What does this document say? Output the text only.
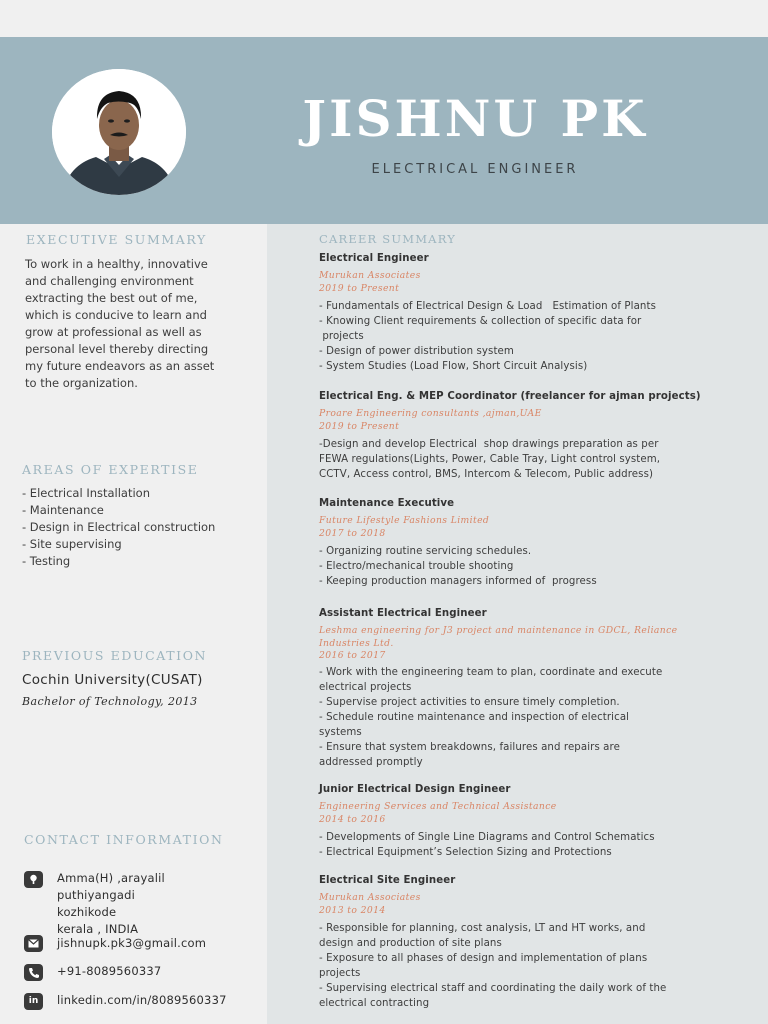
JISHNU PK
ELECTRICAL ENGINEER
EXECUTIVE SUMMARY
To work in a healthy, innovative
and challenging environment
extracting the best out of me,
which is conducive to learn and
grow at professional as well as
personal level thereby directing
my future endeavors as an asset
to the organization.
AREAS OF EXPERTISE
- Electrical Installation
- Maintenance
- Design in Electrical construction
- Site supervising
- Testing
PREVIOUS EDUCATION
Cochin University(CUSAT)
Bachelor of Technology, 2013
CONTACT INFORMATION
Amma(H) ,arayalil
puthiyangadi
kozhikode
kerala , INDIA
jishnupk.pk3@gmail.com
+91-8089560337
in	linkedin.com/in/8089560337
CAREER SUMMARY
Electrical Engineer
Murukan Associates
2019 to Present
- Fundamentals of Electrical Design & Load   Estimation of Plants
- Knowing Client requirements & collection of specific data for
projects
- Design of power distribution system
- System Studies (Load Flow, Short Circuit Analysis)
Electrical Eng. & MEP Coordinator (freelancer for ajman projects)
Proare Engineering consultants ,ajman,UAE
2019 to Present
-Design and develop Electrical  shop drawings preparation as per
FEWA regulations(Lights, Power, Cable Tray, Light control system,
CCTV, Access control, BMS, Intercom & Telecom, Public address)
Maintenance Executive
Future Lifestyle Fashions Limited
2017 to 2018
- Organizing routine servicing schedules.
- Electro/mechanical trouble shooting
- Keeping production managers informed of  progress
Assistant Electrical Engineer
Leshma engineering for J3 project and maintenance in GDCL, Reliance
Industries Ltd.
2016 to 2017
- Work with the engineering team to plan, coordinate and execute
electrical projects
- Supervise project activities to ensure timely completion.
- Schedule routine maintenance and inspection of electrical
systems
- Ensure that system breakdowns, failures and repairs are
addressed promptly
Junior Electrical Design Engineer
Engineering Services and Technical Assistance
2014 to 2016
- Developments of Single Line Diagrams and Control Schematics
- Electrical Equipment’s Selection Sizing and Protections
Electrical Site Engineer
Murukan Associates
2013 to 2014
- Responsible for planning, cost analysis, LT and HT works, and
design and production of site plans
- Exposure to all phases of design and implementation of plans
projects
- Supervising electrical staff and coordinating the daily work of the
electrical contracting
